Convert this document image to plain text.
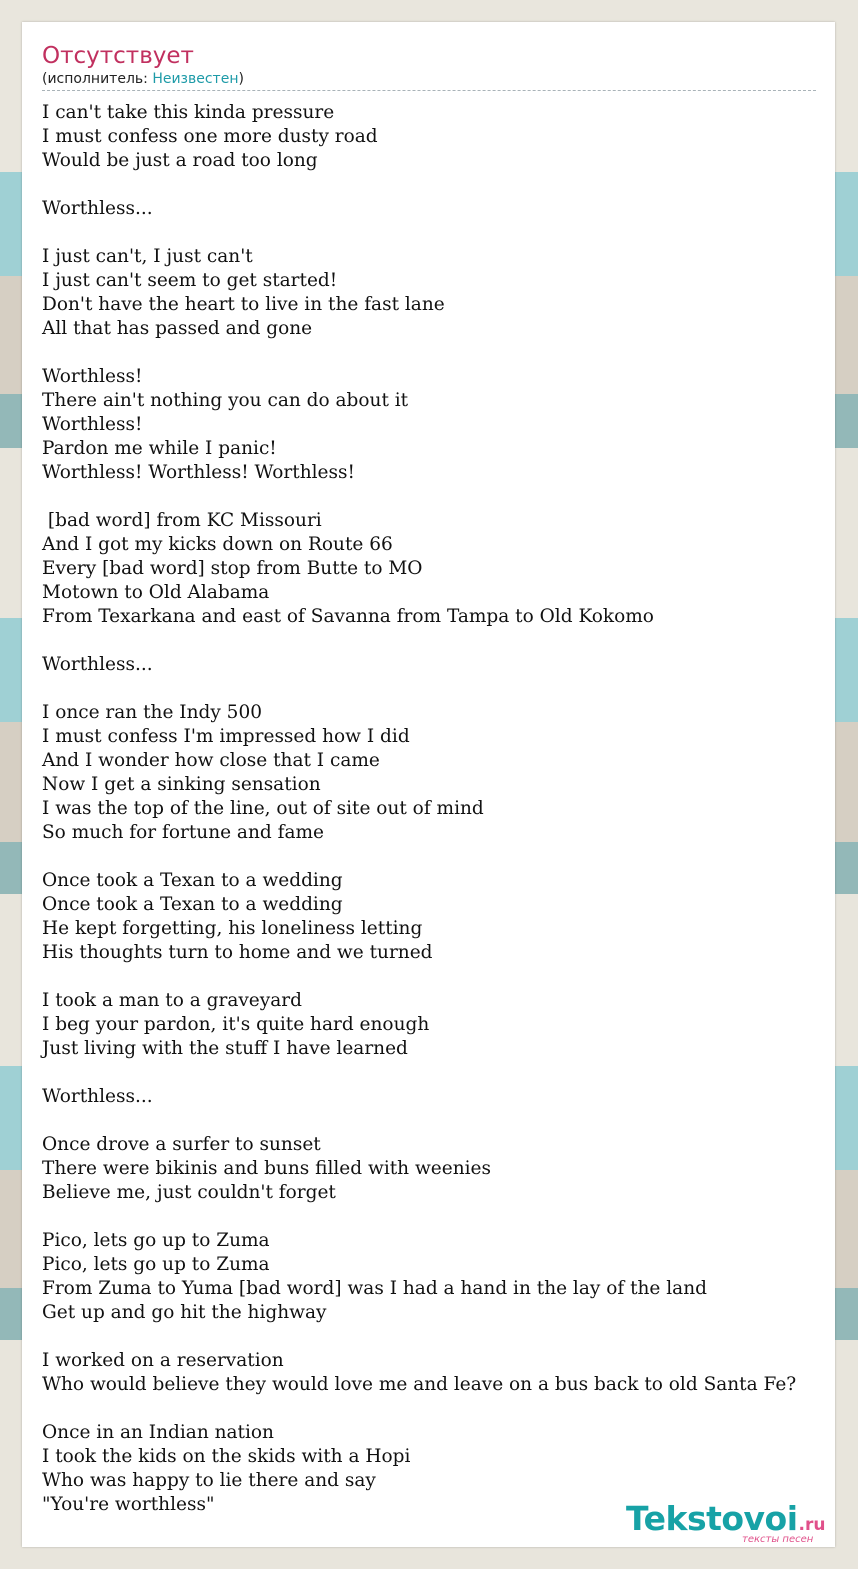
Отсутствует
(исполнитель: Неизвестен)
I can't take this kinda pressure
I must confess one more dusty road
Would be just a road too long

Worthless...

I just can't, I just can't
I just can't seem to get started!
Don't have the heart to live in the fast lane
All that has passed and gone

Worthless!
There ain't nothing you can do about it
Worthless!
Pardon me while I panic!
Worthless! Worthless! Worthless!

[bad word] from KC Missouri
And I got my kicks down on Route 66
Every [bad word] stop from Butte to MO
Motown to Old Alabama
From Texarkana and east of Savanna from Tampa to Old Kokomo

Worthless...

I once ran the Indy 500
I must confess I'm impressed how I did
And I wonder how close that I came
Now I get a sinking sensation
I was the top of the line, out of site out of mind
So much for fortune and fame

Once took a Texan to a wedding
Once took a Texan to a wedding
He kept forgetting, his loneliness letting
His thoughts turn to home and we turned

I took a man to a graveyard
I beg your pardon, it's quite hard enough
Just living with the stuff I have learned

Worthless...

Once drove a surfer to sunset
There were bikinis and buns filled with weenies
Believe me, just couldn't forget

Pico, lets go up to Zuma
Pico, lets go up to Zuma
From Zuma to Yuma [bad word] was I had a hand in the lay of the land
Get up and go hit the highway

I worked on a reservation
Who would believe they would love me and leave on a bus back to old Santa Fe?

Once in an Indian nation
I took the kids on the skids with a Hopi
Who was happy to lie there and say
"You're worthless"	Tekstovoi.ru
тексты песен
